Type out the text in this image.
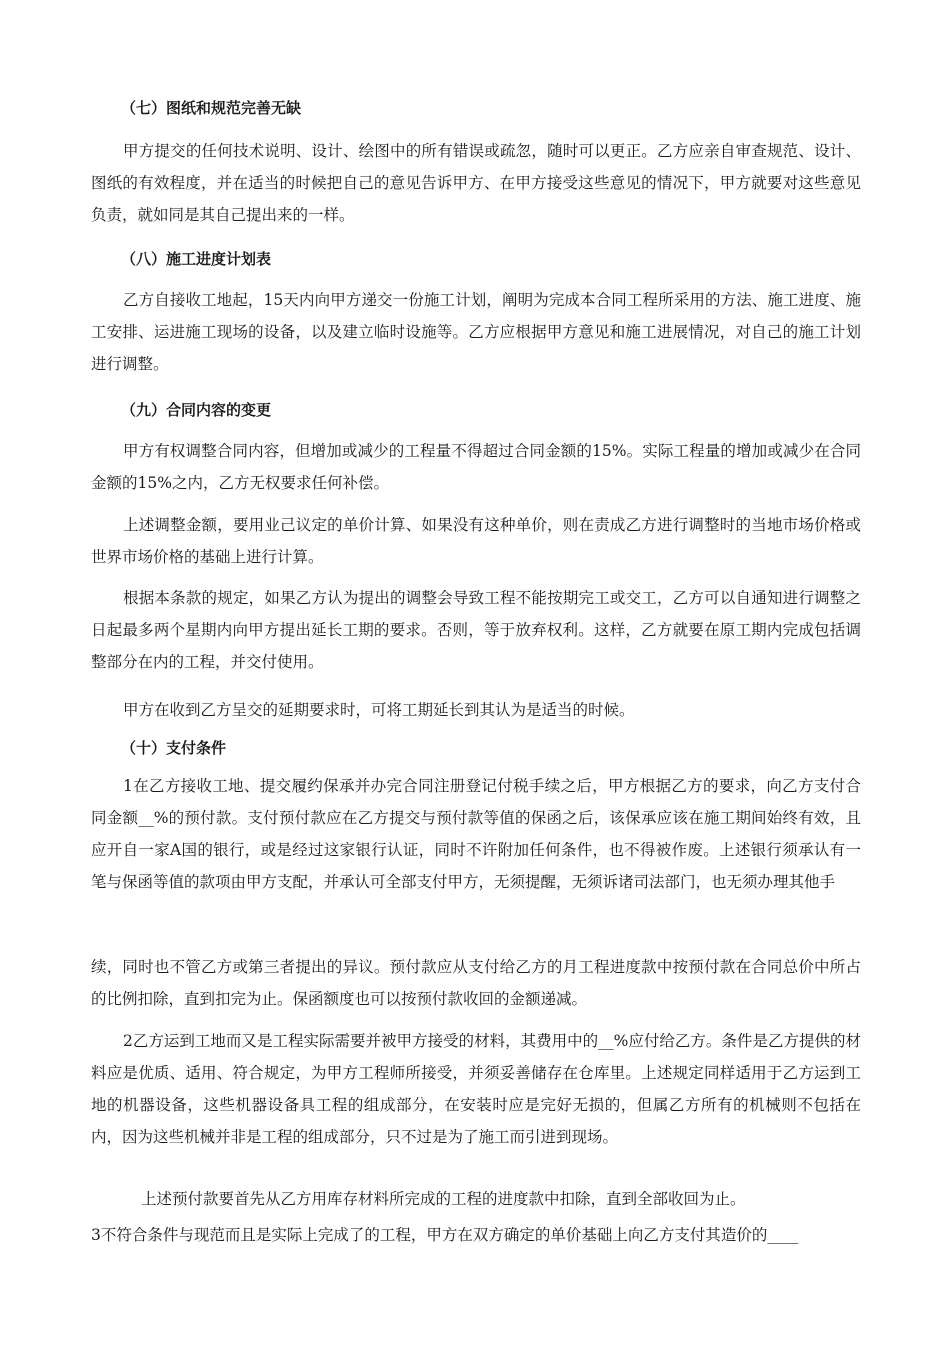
（七）图纸和规范完善无缺
甲方提交的任何技术说明、设计、绘图中的所有错误或疏忽，随时可以更正。乙方应亲自审查规范、设计、图纸的有效程度，并在适当的时候把自己的意见告诉甲方、在甲方接受这些意见的情况下，甲方就要对这些意见负责，就如同是其自己提出来的一样。
（八）施工进度计划表
乙方自接收工地起，15天内向甲方递交一份施工计划，阐明为完成本合同工程所采用的方法、施工进度、施工安排、运进施工现场的设备，以及建立临时设施等。乙方应根据甲方意见和施工进展情况，对自己的施工计划进行调整。
（九）合同内容的变更
甲方有权调整合同内容，但增加或减少的工程量不得超过合同金额的15%。实际工程量的增加或减少在合同金额的15%之内，乙方无权要求任何补偿。
上述调整金额，要用业己议定的单价计算、如果没有这种单价，则在责成乙方进行调整时的当地市场价格或世界市场价格的基础上进行计算。
根据本条款的规定，如果乙方认为提出的调整会导致工程不能按期完工或交工，乙方可以自通知进行调整之日起最多两个星期内向甲方提出延长工期的要求。否则，等于放弃权利。这样，乙方就要在原工期内完成包括调整部分在内的工程，并交付使用。
甲方在收到乙方呈交的延期要求时，可将工期延长到其认为是适当的时候。
（十）支付条件
1在乙方接收工地、提交履约保承并办完合同注册登记付税手续之后，甲方根据乙方的要求，向乙方支付合同金额__%的预付款。支付预付款应在乙方提交与预付款等值的保函之后，该保承应该在施工期间始终有效，且应开自一家A国的银行，或是经过这家银行认证，同时不许附加任何条件，也不得被作废。上述银行须承认有一笔与保函等值的款项由甲方支配，并承认可全部支付甲方，无须提醒，无须诉诸司法部门，也无须办理其他手
续，同时也不管乙方或第三者提出的异议。预付款应从支付给乙方的月工程进度款中按预付款在合同总价中所占的比例扣除，直到扣完为止。保函额度也可以按预付款收回的金额递减。
2乙方运到工地而又是工程实际需要并被甲方接受的材料，其费用中的__%应付给乙方。条件是乙方提供的材料应是优质、适用、符合规定，为甲方工程师所接受，并须妥善储存在仓库里。上述规定同样适用于乙方运到工地的机器设备，这些机器设备具工程的组成部分，在安装时应是完好无损的，但属乙方所有的机械则不包括在内，因为这些机械并非是工程的组成部分，只不过是为了施工而引进到现场。
上述预付款要首先从乙方用库存材料所完成的工程的进度款中扣除，直到全部收回为止。
3不符合条件与现范而且是实际上完成了的工程，甲方在双方确定的单价基础上向乙方支付其造价的____
